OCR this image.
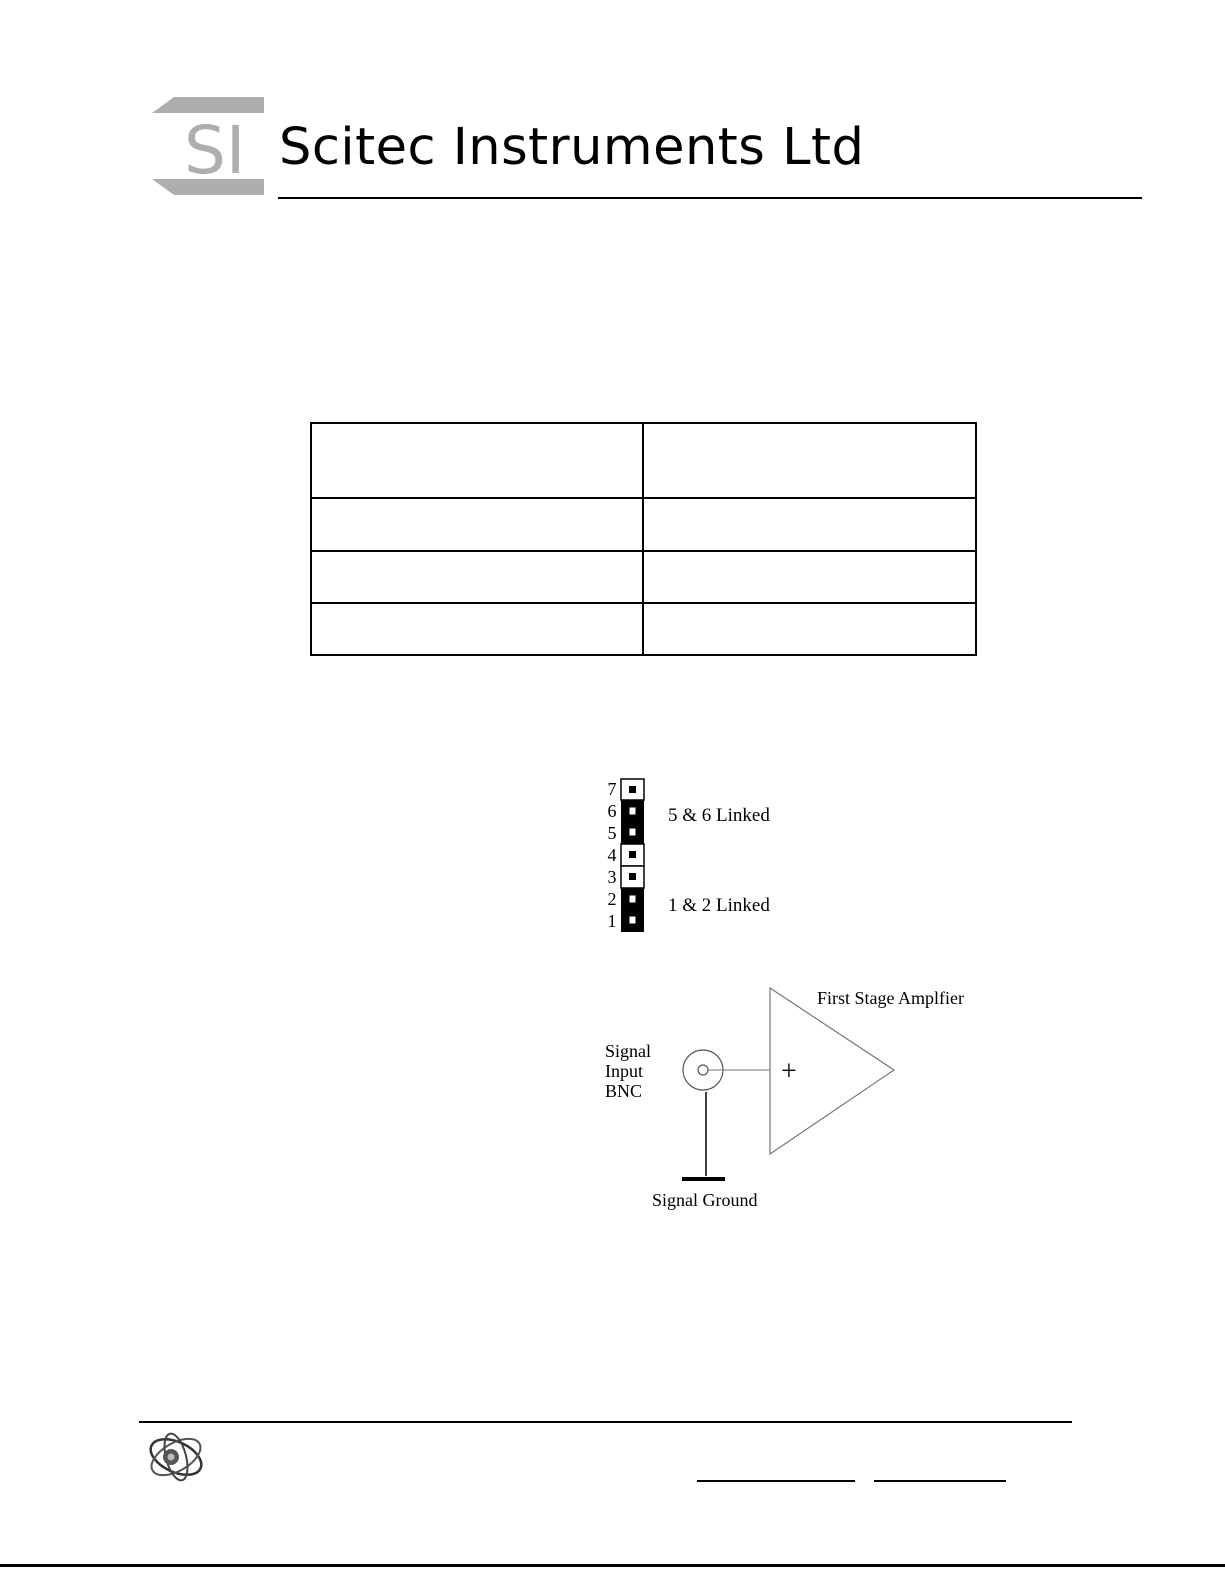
SI Scitec Instruments Ltd

7
6
5
4
3
2
1
5 & 6 Linked
1 & 2 Linked
+
First Stage Amplfier
Signal
Input
BNC
Signal Ground
